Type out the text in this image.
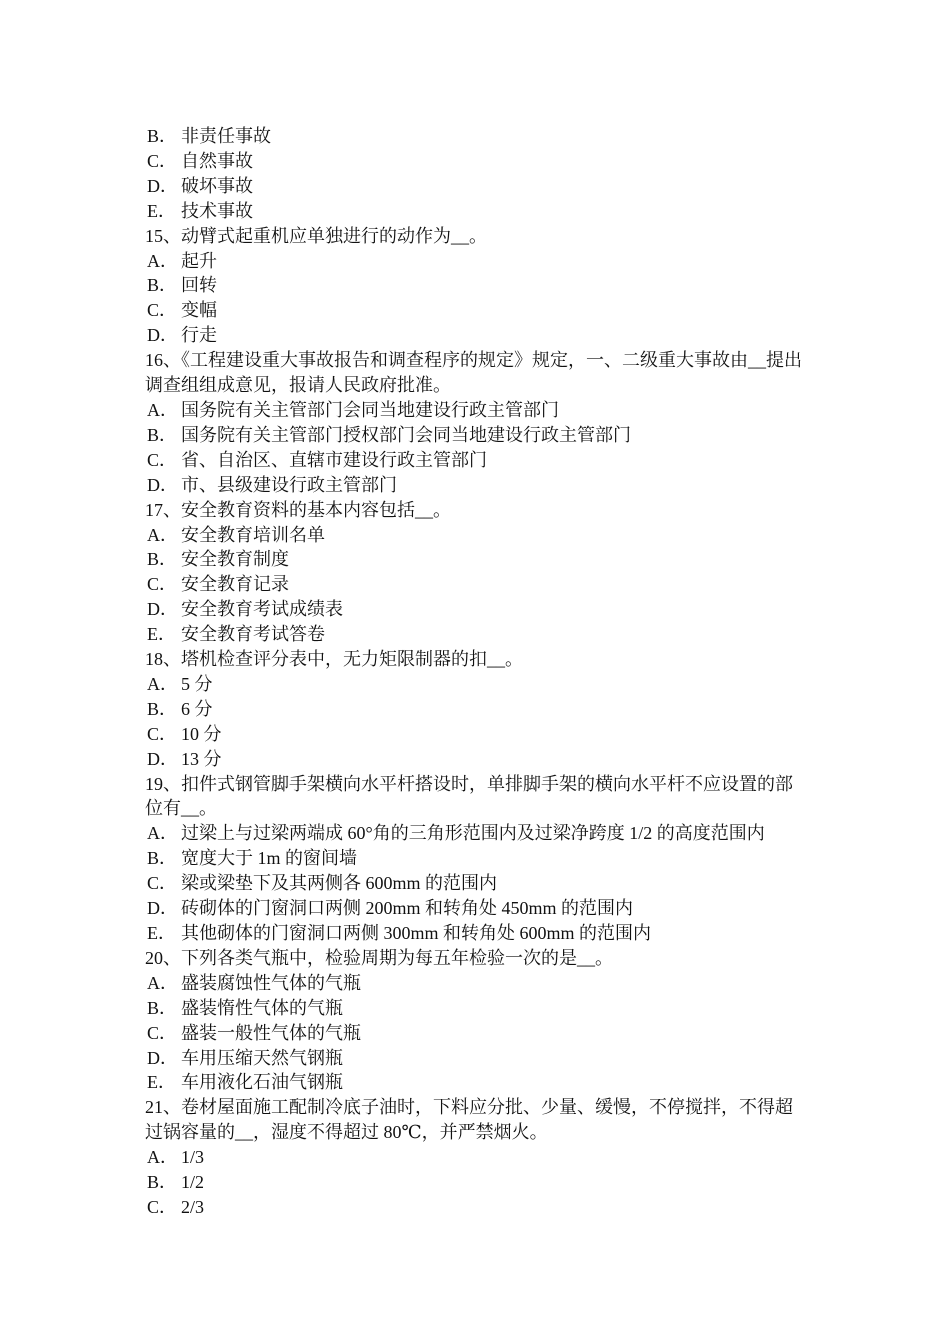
B． 非责任事故
C． 自然事故
D． 破坏事故
E． 技术事故
15、动臂式起重机应单独进行的动作为__。
A． 起升
B． 回转
C． 变幅
D． 行走
16、《工程建设重大事故报告和调查程序的规定》规定，一、二级重大事故由__提出调查组组成意见，报请人民政府批准。
A． 国务院有关主管部门会同当地建设行政主管部门
B． 国务院有关主管部门授权部门会同当地建设行政主管部门
C． 省、自治区、直辖市建设行政主管部门
D． 市、县级建设行政主管部门
17、安全教育资料的基本内容包括__。
A． 安全教育培训名单
B． 安全教育制度
C． 安全教育记录
D． 安全教育考试成绩表
E． 安全教育考试答卷
18、塔机检查评分表中，无力矩限制器的扣__。
A． 5 分
B． 6 分
C． 10 分
D． 13 分
19、扣件式钢管脚手架横向水平杆搭设时，单排脚手架的横向水平杆不应设置的部位有__。
A． 过梁上与过梁两端成 60°角的三角形范围内及过梁净跨度 1/2 的高度范围内
B． 宽度大于 1m 的窗间墙
C． 梁或梁垫下及其两侧各 600mm 的范围内
D． 砖砌体的门窗洞口两侧 200mm 和转角处 450mm 的范围内
E． 其他砌体的门窗洞口两侧 300mm 和转角处 600mm 的范围内
20、下列各类气瓶中，检验周期为每五年检验一次的是__。
A． 盛装腐蚀性气体的气瓶
B． 盛装惰性气体的气瓶
C． 盛装一般性气体的气瓶
D． 车用压缩天然气钢瓶
E． 车用液化石油气钢瓶
21、卷材屋面施工配制冷底子油时，下料应分批、少量、缓慢，不停搅拌，不得超过锅容量的__，湿度不得超过 80℃，并严禁烟火。
A． 1/3
B． 1/2
C． 2/3
